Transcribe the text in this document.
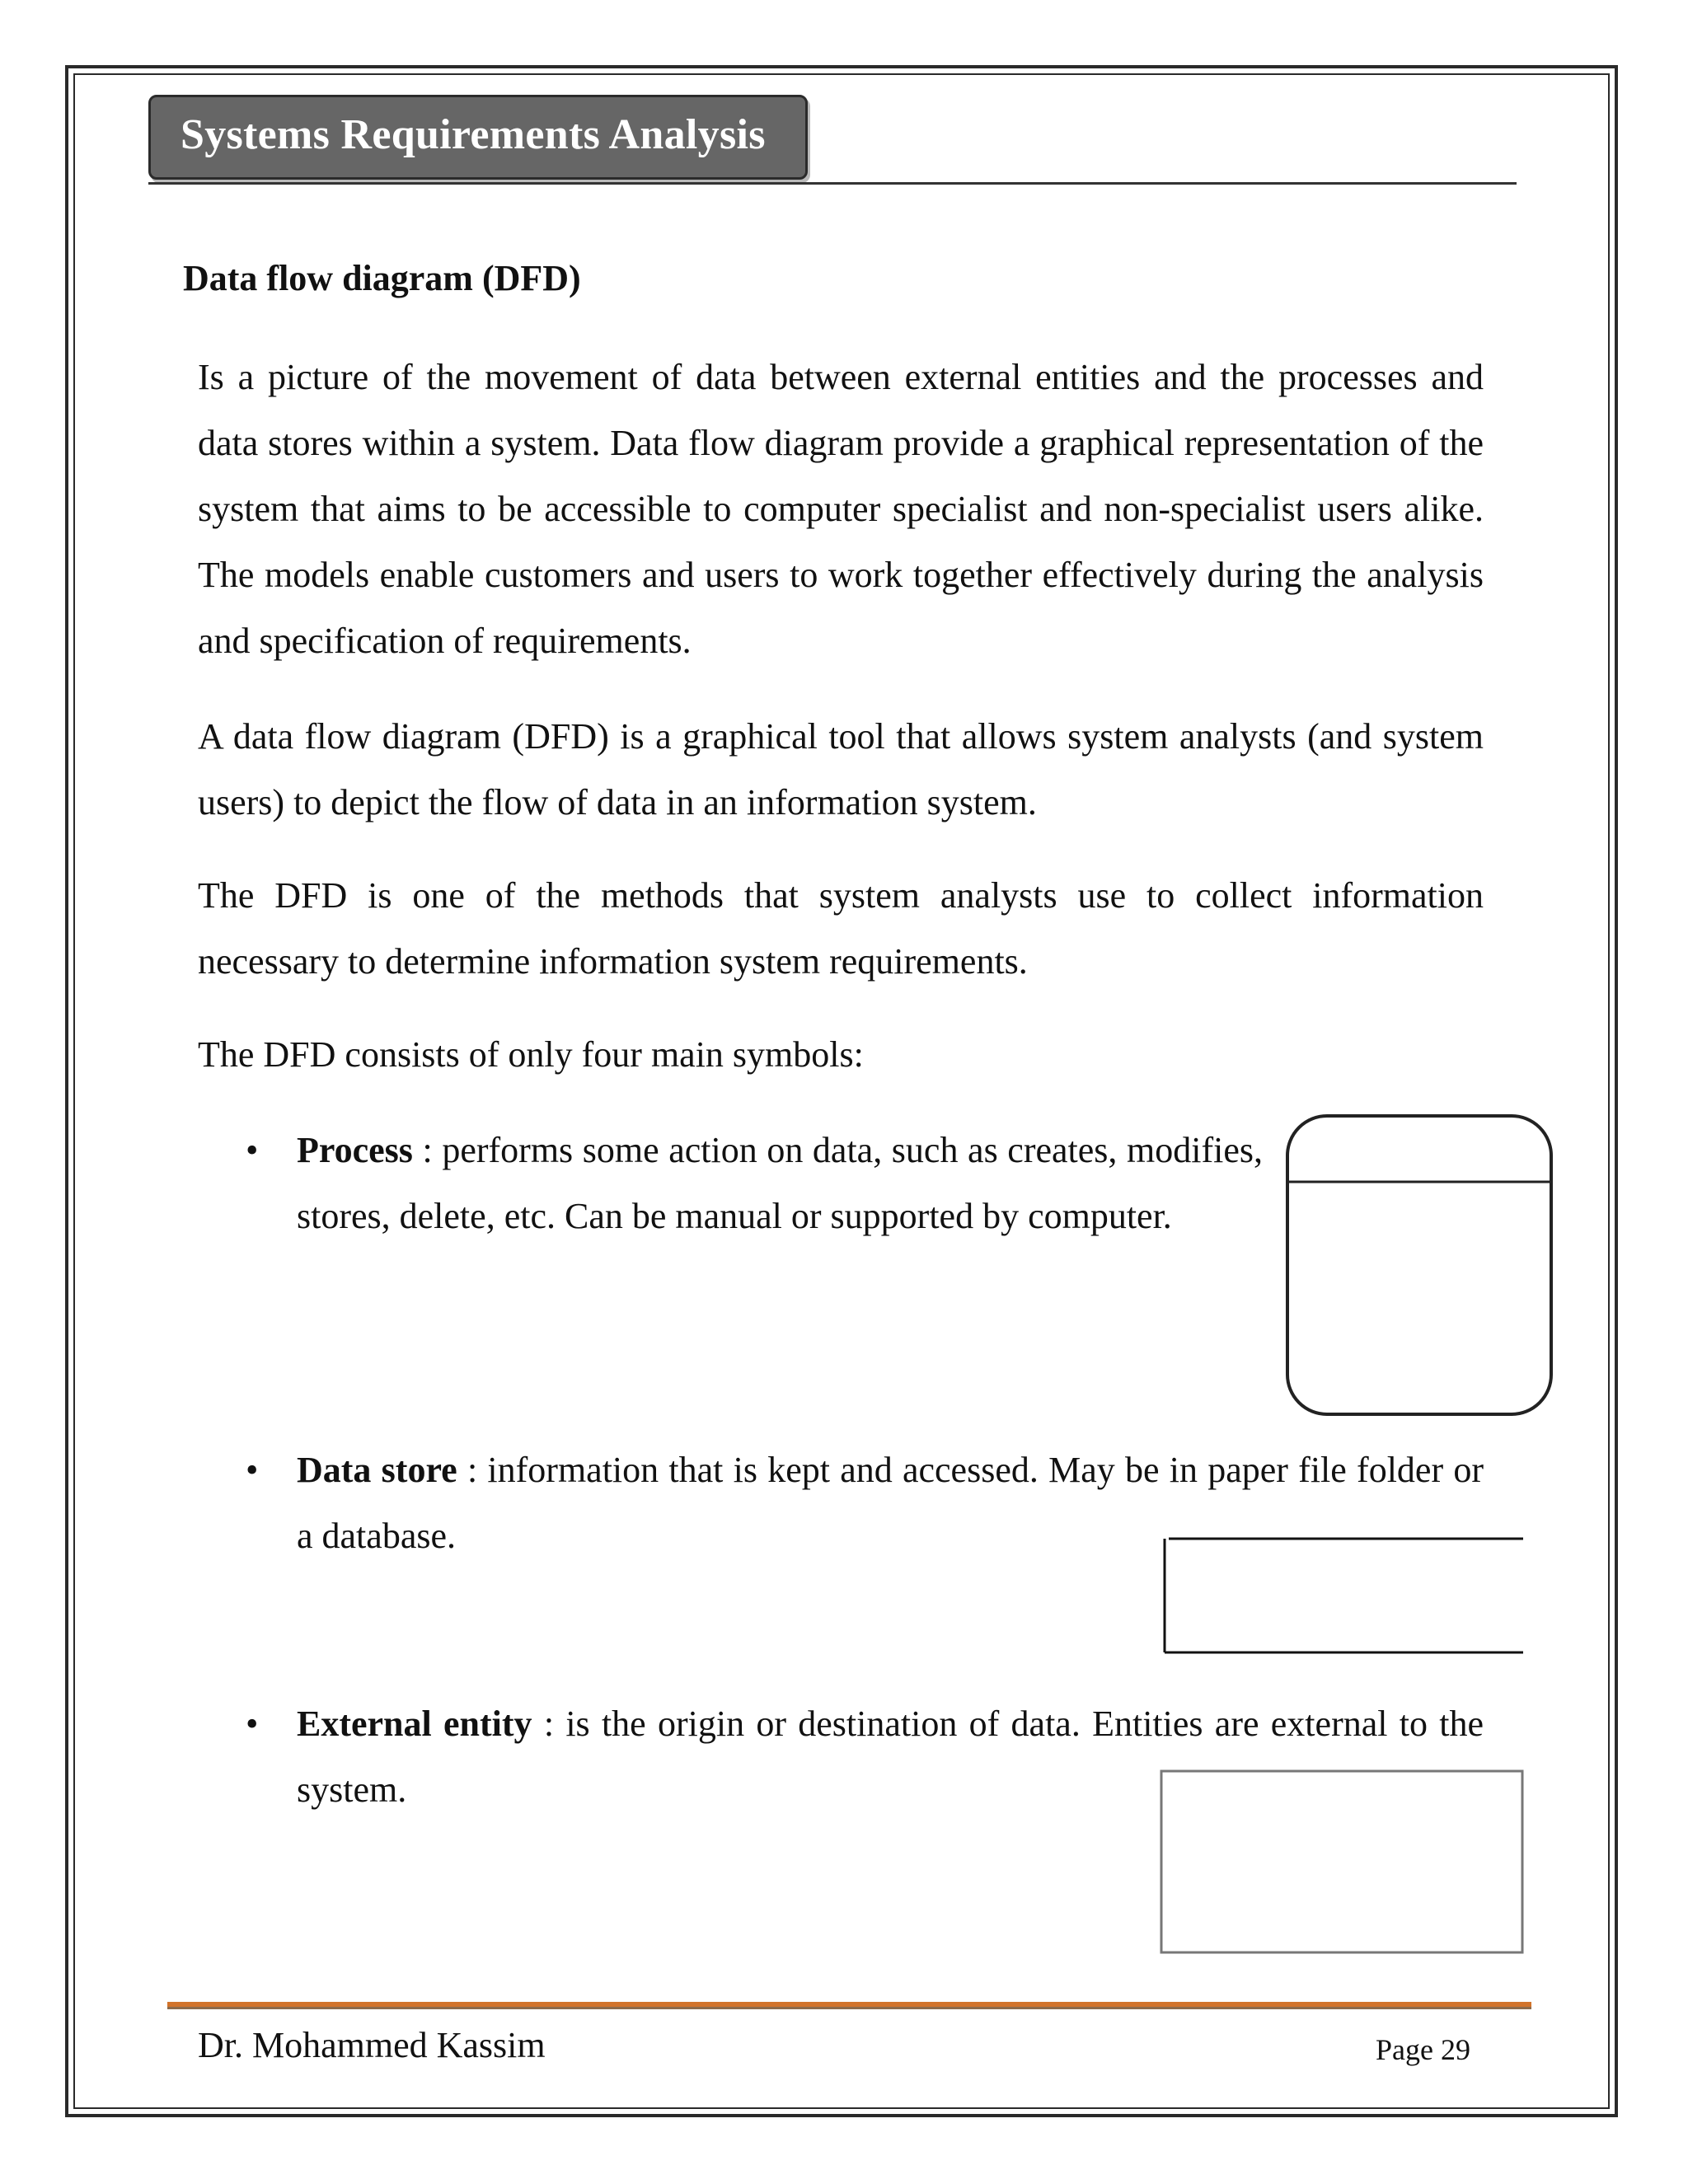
Systems Requirements Analysis
Data flow diagram (DFD)

Is a picture of the movement of data between external entities and the processes and data stores within a system. Data flow diagram provide a graphical representation of the system that aims to be accessible to computer specialist and non-specialist users alike. The models enable customers and users to work together effectively during the analysis and specification of requirements.

A data flow diagram (DFD) is a graphical tool that allows system analysts (and system users) to depict the flow of data in an information system.

The DFD is one of the methods that system analysts use to collect information necessary to determine information system requirements.

The DFD consists of only four main symbols:

• Process : performs some action on data, such as creates, modifies, stores, delete, etc. Can be manual or supported by computer.

• Data store : information that is kept and accessed. May be in paper file folder or a database.

• External entity : is the origin or destination of data. Entities are external to the system.

Dr. Mohammed Kassim	Page 29
